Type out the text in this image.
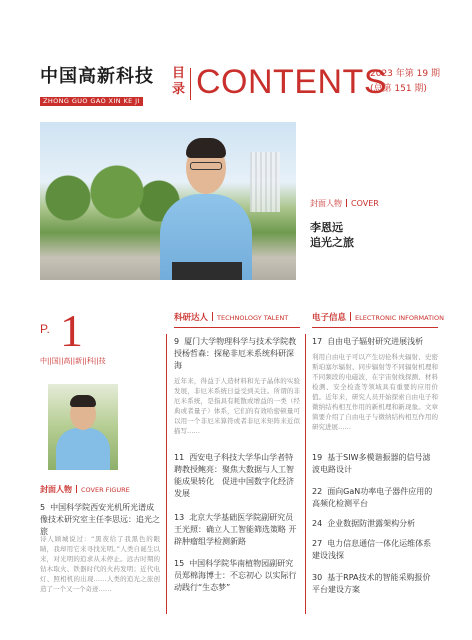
中国高新科技
ZHONG GUO GAO XIN KE JI
目录 CONTENTS
2023 年第 19 期
(总第 151 期)
封面人物 COVER
李恩远
追光之旅
P. 1
中||国||高||新||科||技
封面人物 COVER FIGURE
5 中国科学院西安光机所光谱成像技术研究室主任李思远：追光之旅
诗人顾城说过：“黑夜给了我黑色的眼睛，我却用它来寻找光明。”人类自诞生以来，对光明的追求从未停止。远古时期的钻木取火、铁器时代的火药发明；近代电灯、照相机的出现……人类的追光之旅创造了一个又一个奇迹……
科研达人 TECHNOLOGY TALENT
9 厦门大学物理科学与技术学院教授杨哲森：探秘非厄米系统科研深海
近年来，得益于人造材料和光子晶体的实验发展，非厄米系统日益受到关注。所谓的非厄米系统，是指具有耗散或增益的一类（经典或者量子）体系，它们的有效哈密顿量可以用一个非厄米算符或者非厄米矩阵来近似描写……
11 西安电子科技大学华山学者特聘教授鲍亮：聚焦大数据与人工智能成果转化　促进中国数字化经济发展
13 北京大学基础医学院副研究员王光照：确立人工智能筛选策略 开辟肿瘤组学检测新路
15 中国科学院华南植物园副研究员郑棉海博士：不忘初心 以实际行动践行“生态梦”
电子信息 ELECTRONIC INFORMATION
17 自由电子辐射研究进展浅析
利用自由电子可以产生切伦科夫辐射、史密斯珀塞尔辐射、同步辐射等不同辐射机理和不同频段的电磁波，在宇宙射线探测、材料检测、安全检查等领域具有重要的应用价值。近年来，研究人员开始探索自由电子和微纳结构相互作用的新机理和新现象。文章简要介绍了自由电子与微纳结构相互作用的研究进展……
19 基于SIW多模谐振器的信号滤波电路设计
22 面向GaN功率电子器件应用的高频化检测平台
24 企业数据防泄露架构分析
27 电力信息通信一体化运维体系建设浅探
30 基于RPA技术的智能采购报价平台建设方案
